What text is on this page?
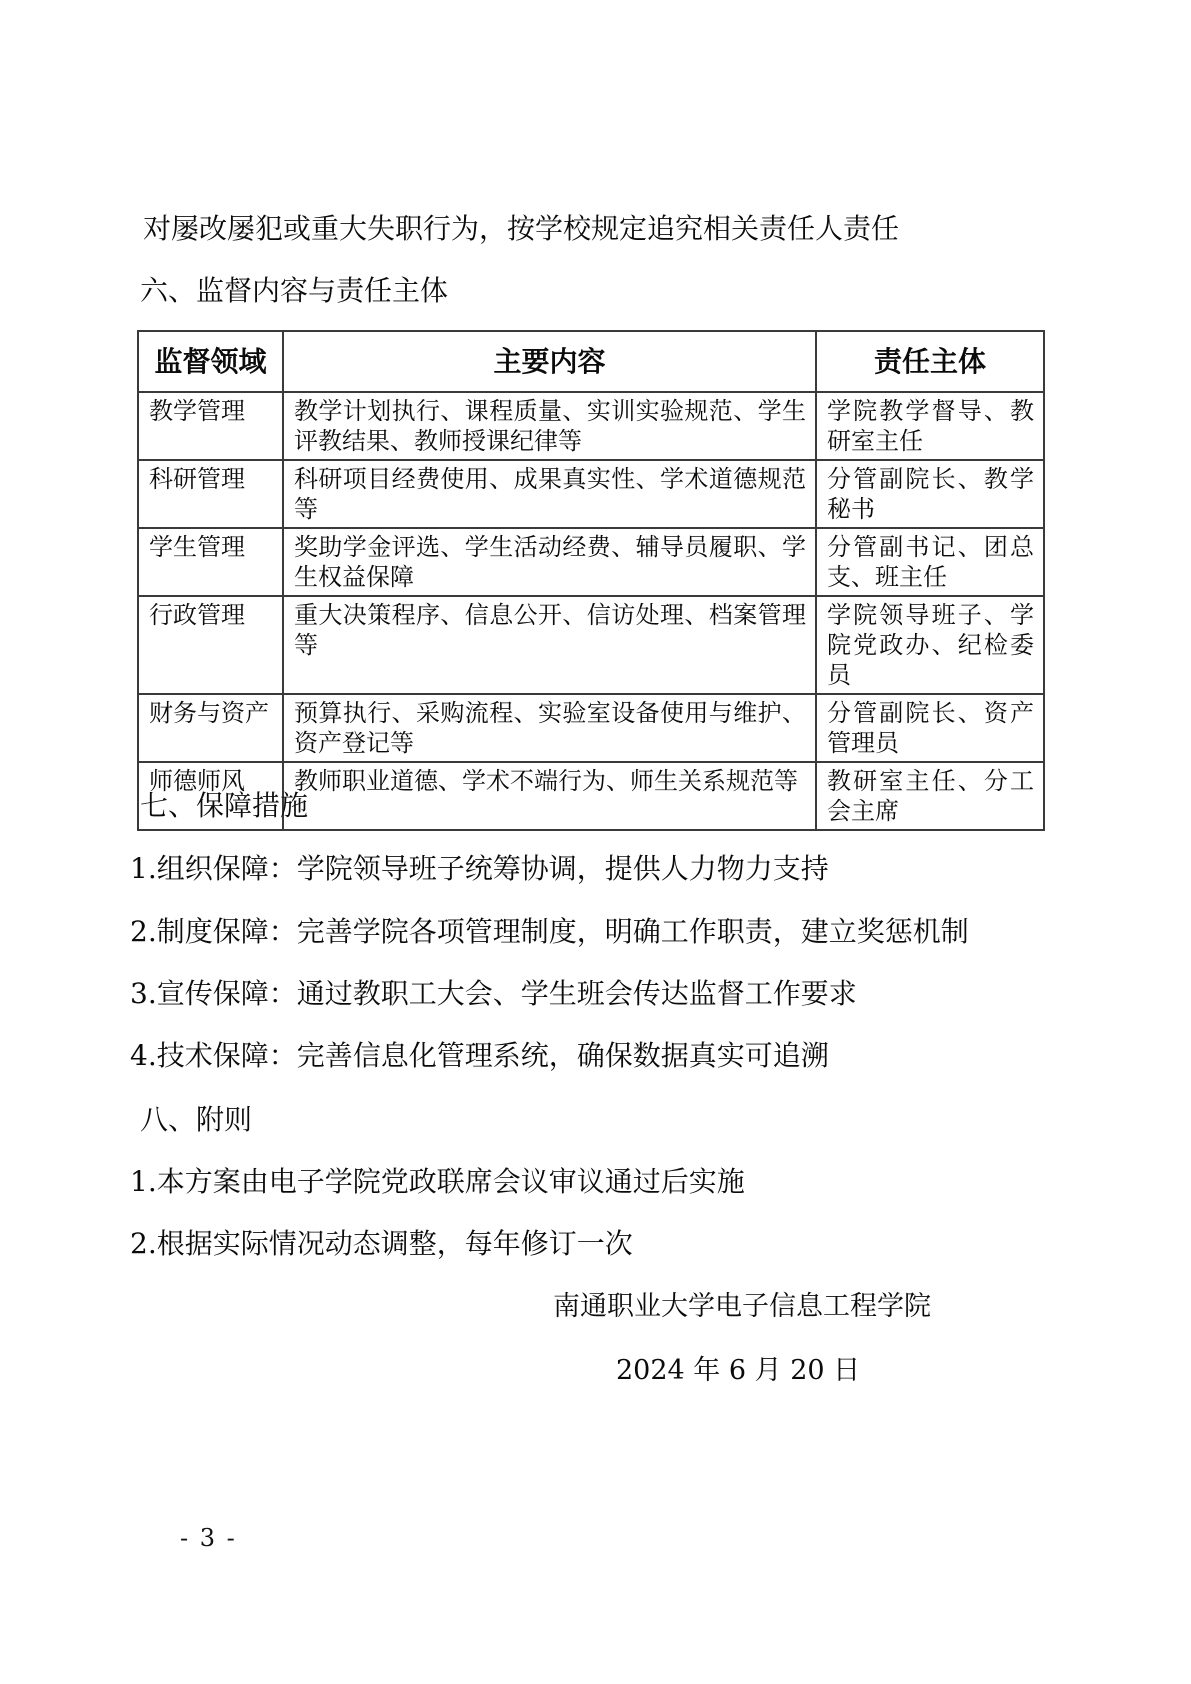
对屡改屡犯或重大失职行为，按学校规定追究相关责任人责任
六、监督内容与责任主体
监督领域	主要内容	责任主体
教学管理	教学计划执行、课程质量、实训实验规范、学生评教结果、教师授课纪律等	学院教学督导、教研室主任
科研管理	科研项目经费使用、成果真实性、学术道德规范等	分管副院长、教学秘书
学生管理	奖助学金评选、学生活动经费、辅导员履职、学生权益保障	分管副书记、团总支、班主任
行政管理	重大决策程序、信息公开、信访处理、档案管理等	学院领导班子、学院党政办、纪检委员
财务与资产	预算执行、采购流程、实验室设备使用与维护、资产登记等	分管副院长、资产管理员
师德师风	教师职业道德、学术不端行为、师生关系规范等	教研室主任、分工会主席
七、保障措施
1.组织保障：学院领导班子统筹协调，提供人力物力支持
2.制度保障：完善学院各项管理制度，明确工作职责，建立奖惩机制
3.宣传保障：通过教职工大会、学生班会传达监督工作要求
4.技术保障：完善信息化管理系统，确保数据真实可追溯
八、附则
1.本方案由电子学院党政联席会议审议通过后实施
2.根据实际情况动态调整，每年修订一次
南通职业大学电子信息工程学院
2024 年 6 月 20 日
- 3 -
